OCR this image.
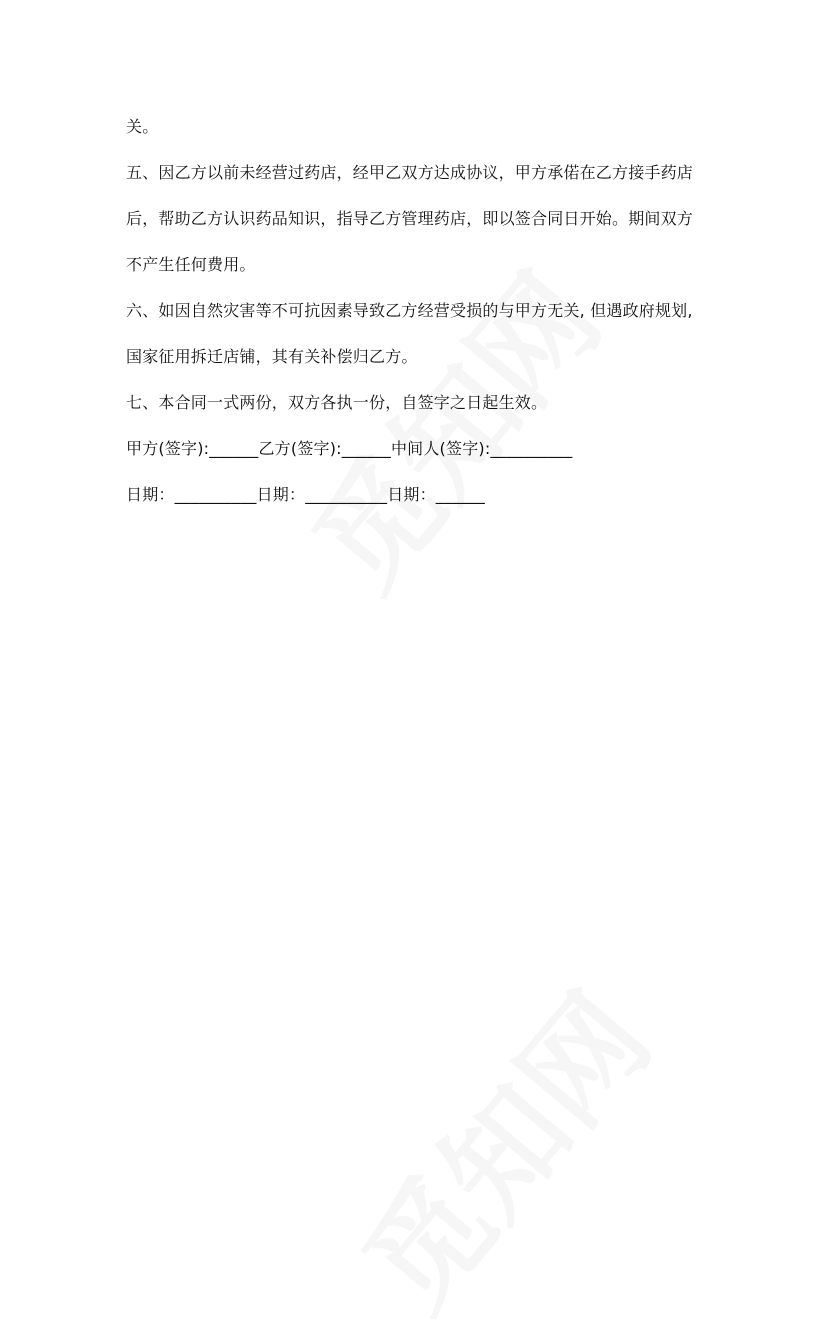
关。
五、因乙方以前未经营过药店，经甲乙双方达成协议，甲方承偌在乙方接手药店
后，帮助乙方认识药品知识，指导乙方管理药店，即以签合同日开始。期间双方
不产生任何费用。
六、如因自然灾害等不可抗因素导致乙方经营受损的与甲方无关, 但遇政府规划,
国家征用拆迁店铺，其有关补偿归乙方。
七、本合同一式两份，双方各执一份，自签字之日起生效。
甲方(签字):______乙方(签字):______中间人(签字):__________
日期：__________日期：__________日期：______
